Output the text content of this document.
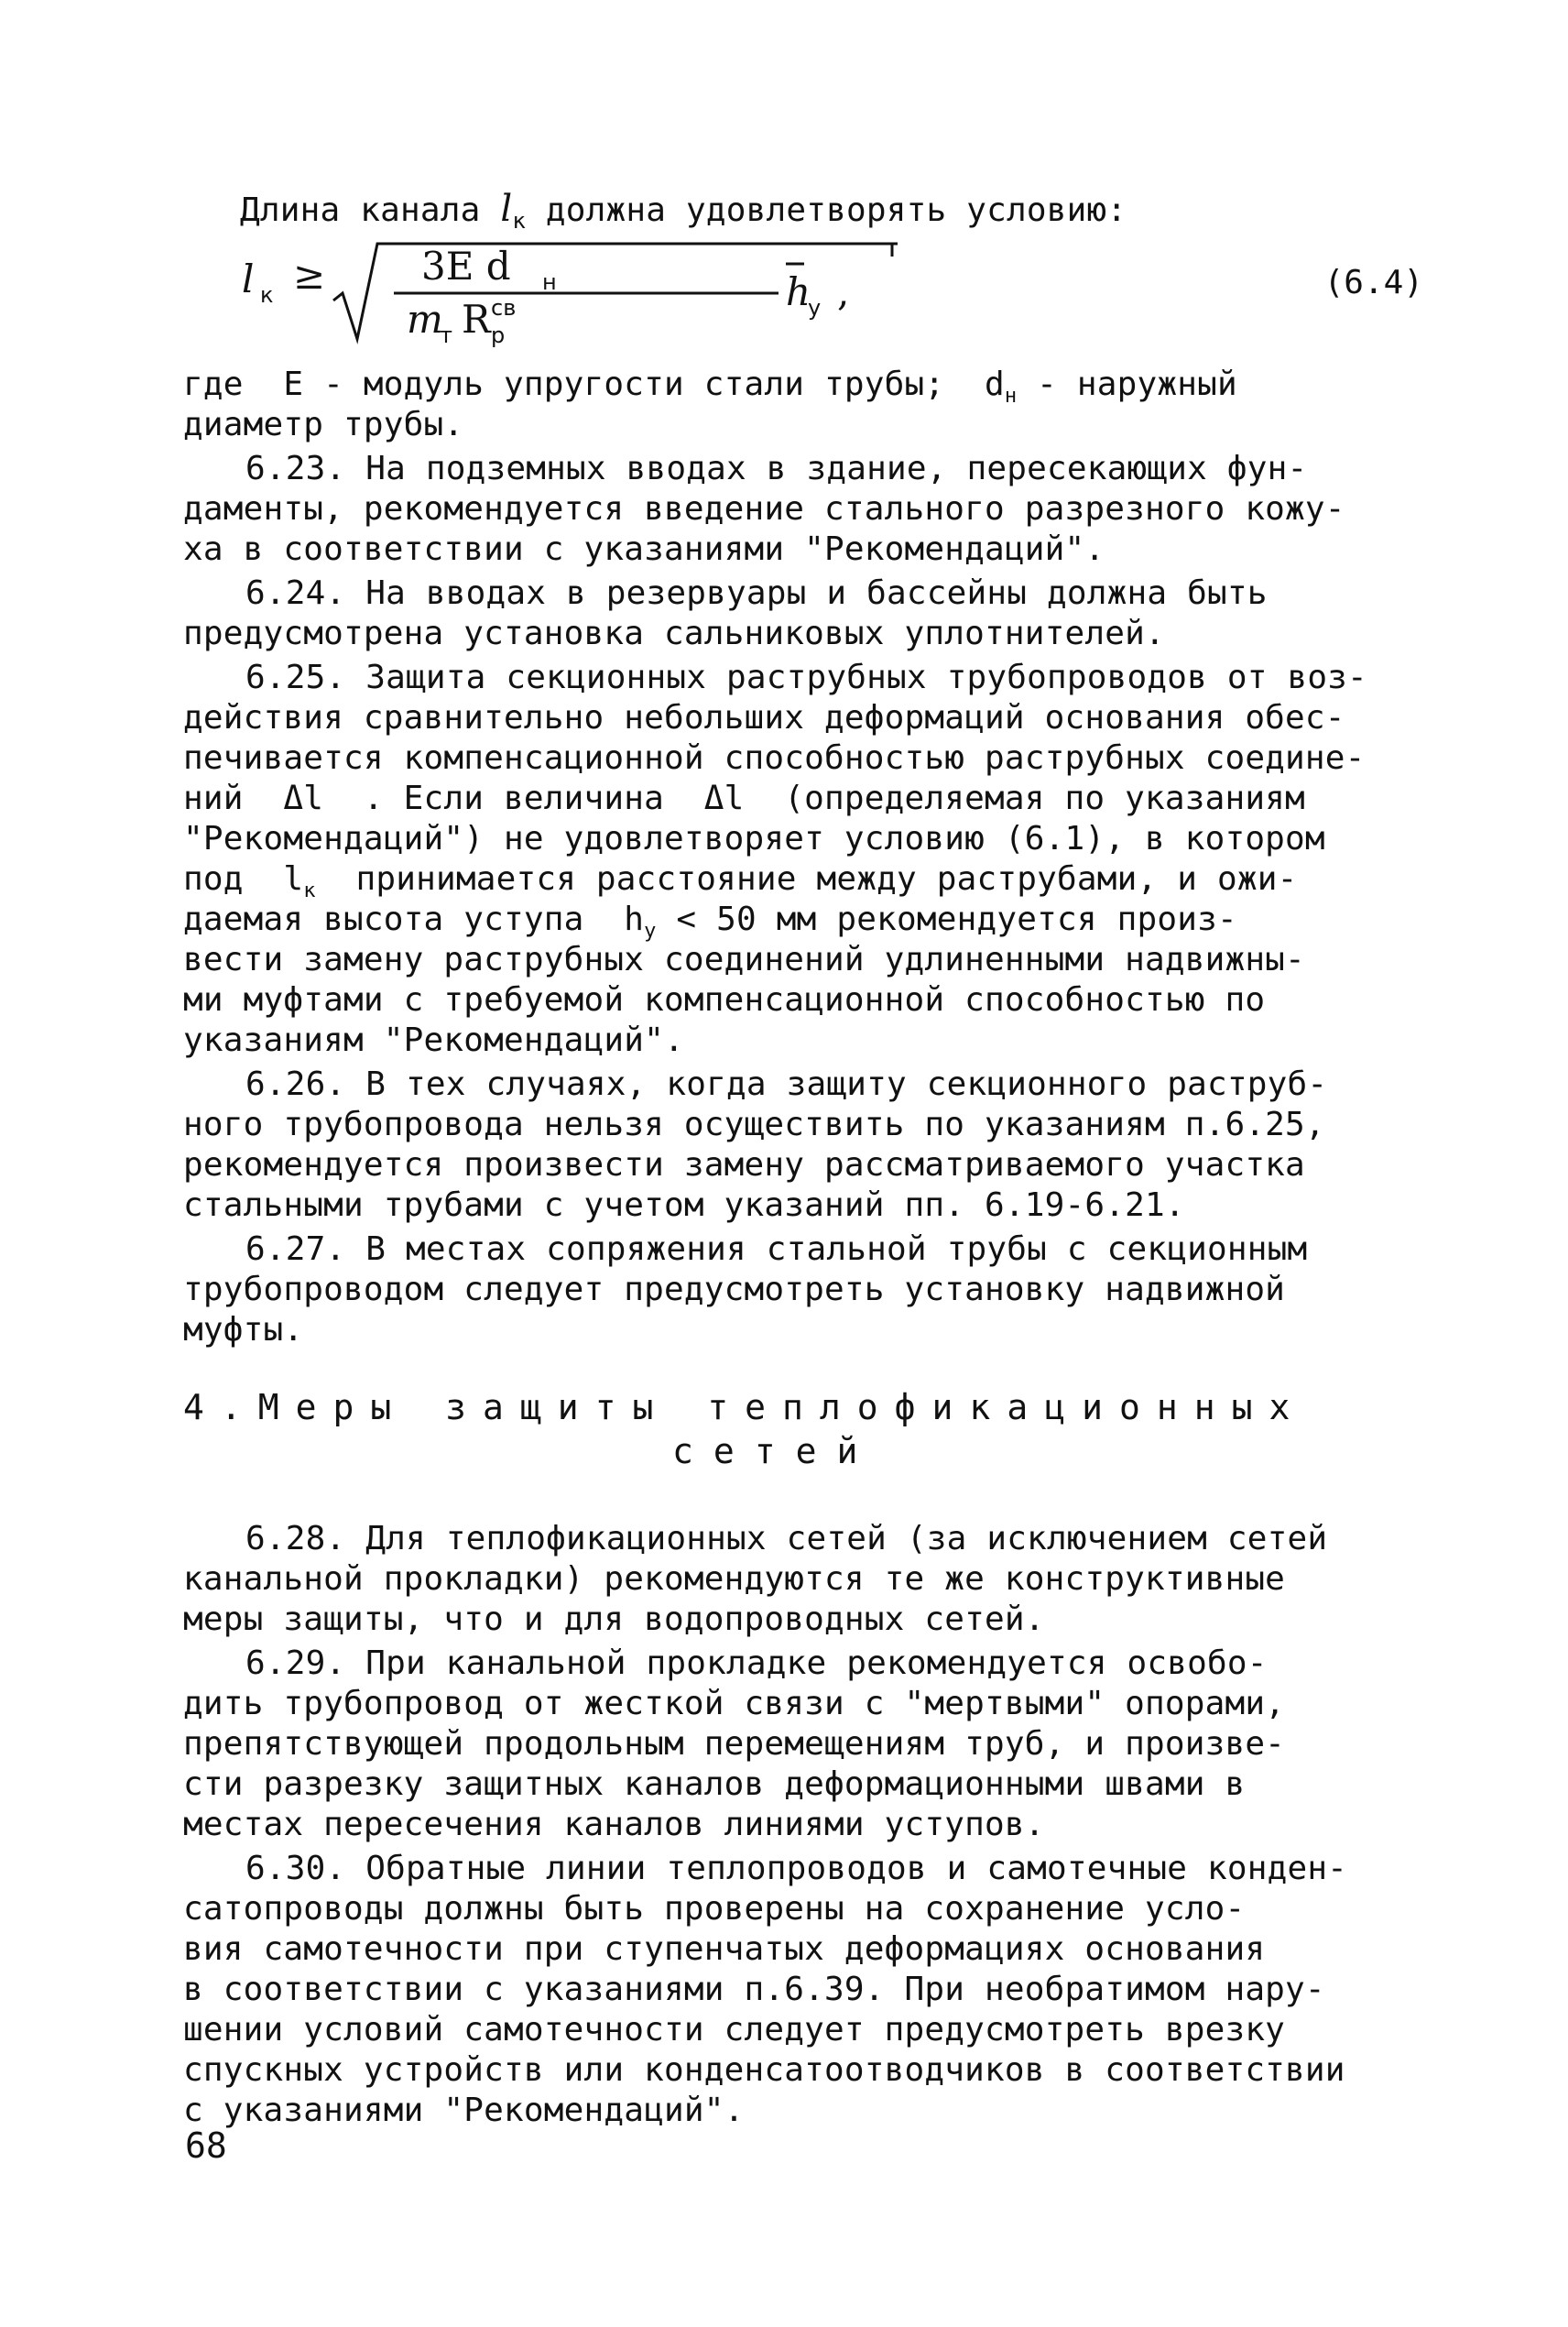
Длина канала $l_к$ должна удовлетворять условию:
l к ≥ 3E d н
m
т R св
р
h
у ,	(6.4)
где  Е - модуль упругости стали трубы;  $d_н$ - наружный
диаметр трубы.
6.23. На подземных вводах в здание, пересекающих фун-
даменты, рекомендуется введение стального разрезного кожу-
ха в соответствии с указаниями "Рекомендаций".
6.24. На вводах в резервуары и бассейны должна быть
предусмотрена установка сальниковых уплотнителей.
6.25. Защита секционных раструбных трубопроводов от воз-
действия сравнительно небольших деформаций основания обес-
печивается компенсационной способностью раструбных соедине-
ний  Δl  . Если величина  Δl  (определяемая по указаниям
"Рекомендаций") не удовлетворяет условию (6.1), в котором
под  $l_к$  принимается расстояние между раструбами, и ожи-
даемая высота уступа  $h_у < 50$ мм рекомендуется произ-
вести замену раструбных соединений удлиненными надвижны-
ми муфтами с требуемой компенсационной способностью по
указаниям "Рекомендаций".
6.26. В тех случаях, когда защиту секционного раструб-
ного трубопровода нельзя осуществить по указаниям п.6.25,
рекомендуется произвести замену рассматриваемого участка
стальными трубами с учетом указаний пп. 6.19-6.21.
6.27. В местах сопряжения стальной трубы с секционным
трубопроводом следует предусмотреть установку надвижной
муфты.
4.Меры защиты теплофикационных
сетей
6.28. Для теплофикационных сетей (за исключением сетей
канальной прокладки) рекомендуются те же конструктивные
меры защиты, что и для водопроводных сетей.
6.29. При канальной прокладке рекомендуется освобо-
дить трубопровод от жесткой связи с "мертвыми" опорами,
препятствующей продольным перемещениям труб, и произве-
сти разрезку защитных каналов деформационными швами в
местах пересечения каналов линиями уступов.
6.30. Обратные линии теплопроводов и самотечные конден-
сатопроводы должны быть проверены на сохранение усло-
вия самотечности при ступенчатых деформациях основания
в соответствии с указаниями п.6.39. При необратимом нару-
шении условий самотечности следует предусмотреть врезку
спускных устройств или конденсатоотводчиков в соответствии
с указаниями "Рекомендаций".
68
